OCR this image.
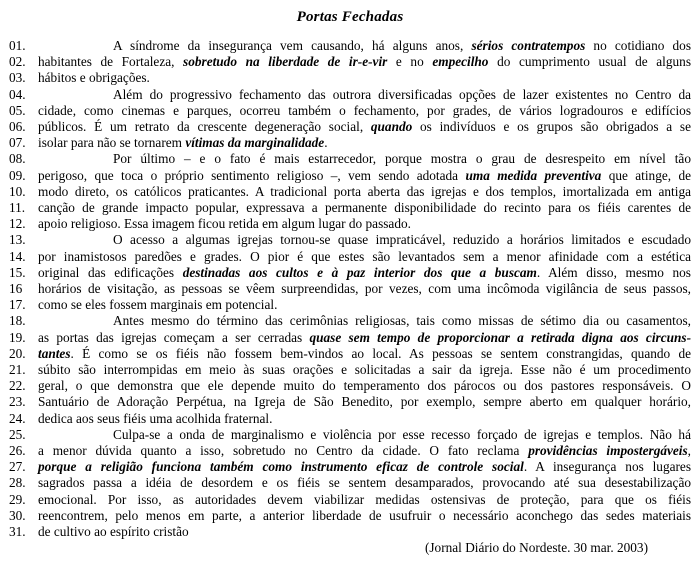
Portas Fechadas
01.	A síndrome da insegurança vem causando, há alguns anos, sérios contratempos no cotidiano dos
02. habitantes de Fortaleza, sobretudo na liberdade de ir-e-vir e no empecilho do cumprimento usual de alguns
03. hábitos e obrigações.
04.	Além do progressivo fechamento das outrora diversificadas opções de lazer existentes no Centro da
05. cidade, como cinemas e parques, ocorreu também o fechamento, por grades, de vários logradouros e edifícios
06. públicos. É um retrato da crescente degeneração social, quando os indivíduos e os grupos são obrigados a se
07. isolar para não se tornarem vítimas da marginalidade.
08.	Por último – e o fato é mais estarrecedor, porque mostra o grau de desrespeito em nível tão
09. perigoso, que toca o próprio sentimento religioso –, vem sendo adotada uma medida preventiva que atinge, de
10. modo direto, os católicos praticantes. A tradicional porta aberta das igrejas e dos templos, imortalizada em antiga
11. canção de grande impacto popular, expressava a permanente disponibilidade do recinto para os fiéis carentes de
12. apoio religioso. Essa imagem ficou retida em algum lugar do passado.
13.	O acesso a algumas igrejas tornou-se quase impraticável, reduzido a horários limitados e escudado
14. por inamistosos paredões e grades. O pior é que estes são levantados sem a menor afinidade com a estética
15. original das edificações destinadas aos cultos e à paz interior dos que a buscam. Além disso, mesmo nos
16	horários de visitação, as pessoas se vêem surpreendidas, por vezes, com uma incômoda vigilância de seus passos,
17. como se eles fossem marginais em potencial.
18.	Antes mesmo do término das cerimônias religiosas, tais como missas de sétimo dia ou casamentos,
19. as portas das igrejas começam a ser cerradas quase sem tempo de proporcionar a retirada digna aos circuns-
20. tantes. É como se os fiéis não fossem bem-vindos ao local. As pessoas se sentem constrangidas, quando de
21. súbito são interrompidas em meio às suas orações e solicitadas a sair da igreja. Esse não é um procedimento
22. geral, o que demonstra que ele depende muito do temperamento dos párocos ou dos pastores responsáveis. O
23. Santuário de Adoração Perpétua, na Igreja de São Benedito, por exemplo, sempre aberto em qualquer horário,
24. dedica aos seus fiéis uma acolhida fraternal.
25.	Culpa-se a onda de marginalismo e violência por esse recesso forçado de igrejas e templos. Não há
26. a menor dúvida quanto a isso, sobretudo no Centro da cidade. O fato reclama providências impostergáveis,
27. porque a religião funciona também como instrumento eficaz de controle social. A insegurança nos lugares
28. sagrados passa a idéia de desordem e os fiéis se sentem desamparados, provocando até sua desestabilização
29. emocional. Por isso, as autoridades devem viabilizar medidas ostensivas de proteção, para que os fiéis
30. reencontrem, pelo menos em parte, a anterior liberdade de usufruir o necessário aconchego das sedes materiais
31. de cultivo ao espírito cristão
(Jornal Diário do Nordeste. 30 mar. 2003)
